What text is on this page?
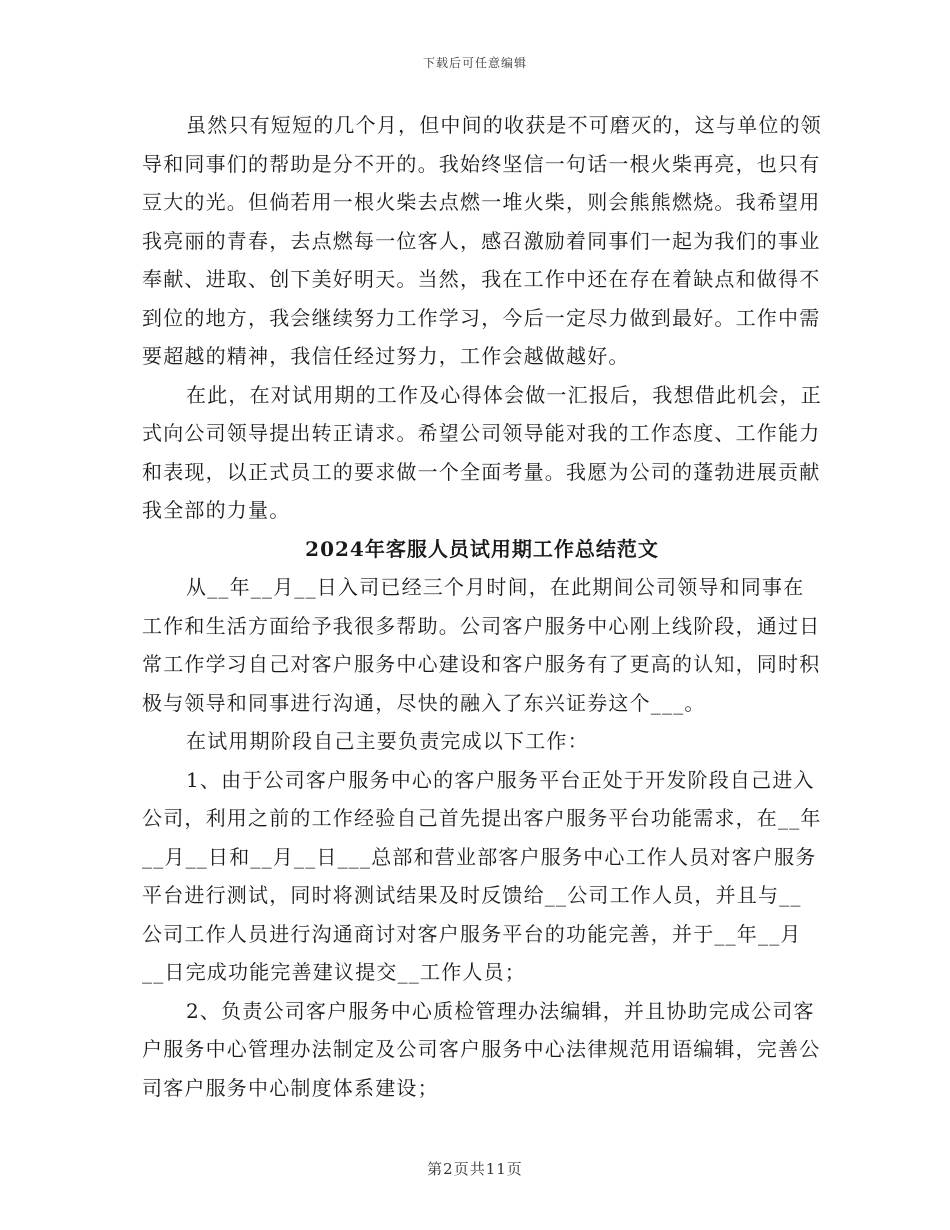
下载后可任意编辑

虽然只有短短的几个月，但中间的收获是不可磨灭的，这与单位的领导和同事们的帮助是分不开的。我始终坚信一句话一根火柴再亮，也只有豆大的光。但倘若用一根火柴去点燃一堆火柴，则会熊熊燃烧。我希望用我亮丽的青春，去点燃每一位客人，感召激励着同事们一起为我们的事业奉献、进取、创下美好明天。当然，我在工作中还在存在着缺点和做得不到位的地方，我会继续努力工作学习，今后一定尽力做到最好。工作中需要超越的精神，我信任经过努力，工作会越做越好。

在此，在对试用期的工作及心得体会做一汇报后，我想借此机会，正式向公司领导提出转正请求。希望公司领导能对我的工作态度、工作能力和表现，以正式员工的要求做一个全面考量。我愿为公司的蓬勃进展贡献我全部的力量。

2024年客服人员试用期工作总结范文

从__年__月__日入司已经三个月时间，在此期间公司领导和同事在工作和生活方面给予我很多帮助。公司客户服务中心刚上线阶段，通过日常工作学习自己对客户服务中心建设和客户服务有了更高的认知，同时积极与领导和同事进行沟通，尽快的融入了东兴证券这个___。

在试用期阶段自己主要负责完成以下工作：

1、由于公司客户服务中心的客户服务平台正处于开发阶段自己进入公司，利用之前的工作经验自己首先提出客户服务平台功能需求，在__年__月__日和__月__日___总部和营业部客户服务中心工作人员对客户服务平台进行测试，同时将测试结果及时反馈给__公司工作人员，并且与__公司工作人员进行沟通商讨对客户服务平台的功能完善，并于__年__月__日完成功能完善建议提交__工作人员；

2、负责公司客户服务中心质检管理办法编辑，并且协助完成公司客户服务中心管理办法制定及公司客户服务中心法律规范用语编辑，完善公司客户服务中心制度体系建设；

第2页共11页
